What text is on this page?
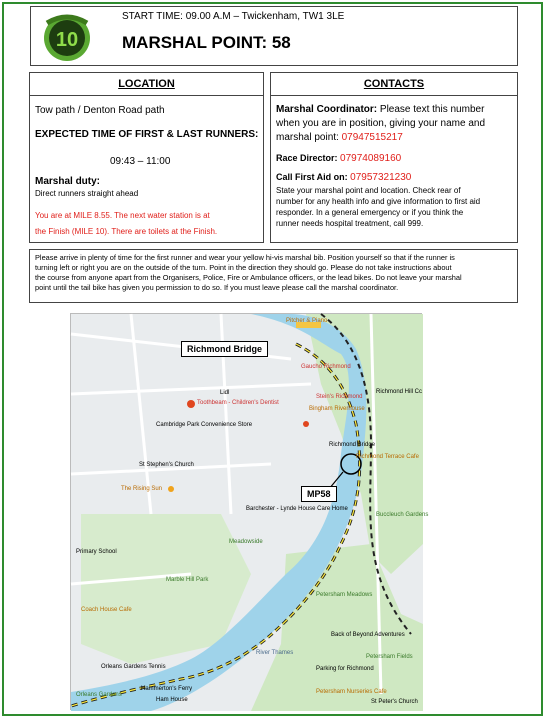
10
START TIME: 09.00 A.M – Twickenham, TW1 3LE
MARSHAL POINT: 58
LOCATION
Tow path / Denton Road path
EXPECTED TIME OF FIRST & LAST RUNNERS:
09:43 – 11:00
Marshal duty:
Direct runners straight ahead
You are at MILE 8.55. The next water station is at
the Finish (MILE 10). There are toilets at the Finish.
CONTACTS
Marshal Coordinator: Please text this number
when you are in position, giving your name and
marshal point: 07947515217
Race Director: 07974089160
Call First Aid on: 07957321230
State your marshal point and location. Check rear of
number for any health info and give information to first aid
responder. In a general emergency or if you think the
runner needs hospital treatment, call 999.
Please arrive in plenty of time for the first runner and wear your yellow hi-vis marshal bib. Position yourself so that if the runner is
turning left or right you are on the outside of the turn. Point in the direction they should go. Please do not take instructions about
the course from anyone apart from the Organisers, Police, Fire or Ambulance officers, or the lead bikes. Do not leave your marshal
point until the tail bike has given you permission to do so. If you must leave please call the marshal coordinator.
Richmond Bridge
MP58
Lidl
Toothbeam - Children's Dentist
Cambridge Park Convenience Store
St Stephen's Church
The Rising Sun
Barchester - Lynde House Care Home
Meadowside
Marble Hill Park
Primary School
Coach House Cafe
Petersham Meadows
River Thames
Back of Beyond Adventures
Petersham Fields
Parking for Richmond
Petersham Nurseries Cafe
St Peter's Church
Hammerton's Ferry
Orleans Gardens
Richmond Hill Cc
Bingham Riverhouse
Stein's Richmond
Gaucho Richmond
Richmond Terrace Cafe
Buccleuch Gardens
Pitcher & Piano
Richmond Bridge
Ham House
Orleans Gardens Tennis
